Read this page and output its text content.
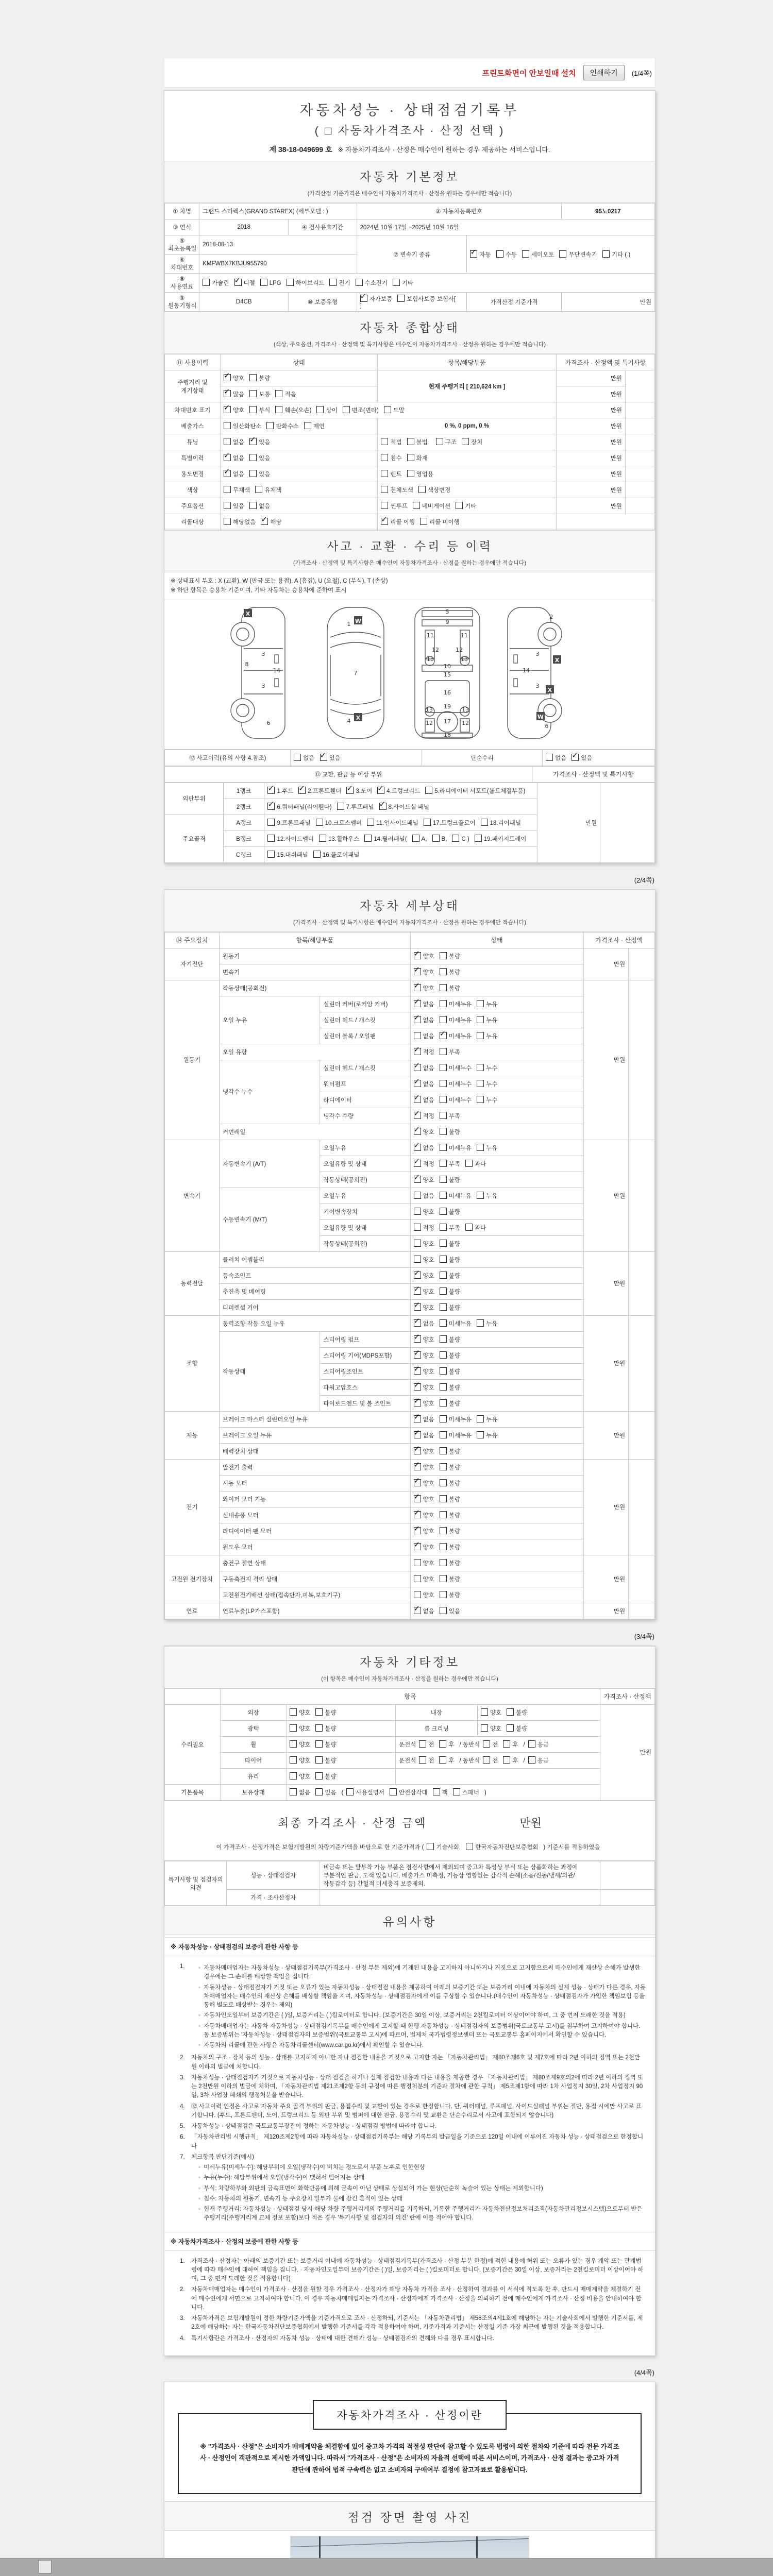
프린트화면이 안보일때 설치	인쇄하기	(1/4쪽)
자동차성능 · 상태점검기록부
( □ 자동차가격조사 · 산정 선택 )
제 38-18-049699 호 ※ 자동차가격조사 · 산정은 매수인이 원하는 경우 제공하는 서비스입니다.
자동차 기본정보
(가격산정 기준가격은 매수인이 자동차가격조사 · 산정을 원하는 경우에만 적습니다)
① 차명	그랜드 스타렉스(GRAND STAREX) (세부모델 : )		② 자동차등록번호		95노0217
③ 연식	2018	④ 검사유효기간	2024년 10월 17일 ~2025년 10월 16일		
⑤ 최초등록일	2018-08-13		⑦ 변속기 종류	✓자동 수동 세미오토 무단변속기 기타 ( )
⑥ 차대번호	KMFWBX7KBJU955790				
⑧ 사용연료	가솔린 ✓ 디젤 LPG 하이브리드 전기 수소전기 기타
⑨ 원동기형식	D4CB	⑩ 보증유형	✓자가보증 보험사보증 보험사[]	가격산정 기준가격	만원
자동차 종합상태
(색상, 주요옵션, 가격조사 · 산정액 및 특기사항은 매수인이 자동차가격조사 · 산정을 원하는 경우에만 적습니다)
⑪ 사용이력	상태	항목/해당부품	가격조사 · 산정액 및 특기사항	
주행거리 및 계기상태	✓양호 불량	현재 주행거리 [ 210,624 km ]	만원	
✓많음 보통 적음		만원	
차대번호 표기	✓양호 부식 훼손(오손) 상이 변조(변타) 도말		만원	
배출가스	일산화탄소 탄화수소 매연	0 %, 0 ppm, 0 %	만원	
튜닝	없음 ✓ 있음	적법 불법 구조 장치	만원	
특별이력	✓없음 있음	침수 화재	만원	
용도변경	✓없음 있음	렌트 영업용	만원	
색상	무채색 유채색	전체도색 색상변경	만원	
주요옵션	있음 없음	썬루프 네비게이션 기타	만원	
리콜대상	해당없음 ✓ 해당	✓리콜 이행 리콜 미이행	
사고 · 교환 · 수리 등 이력
(가격조사 · 산정액 및 특기사항은 매수인이 자동차가격조사 · 산정을 원하는 경우에만 적습니다)
※ 상태표시 부호 : X (교환), W (판금 또는 용접), A (흠집), U (요철), C (부식), T (손상)
※ 하단 항목은 승용차 기준이며, 기타 자동차는 승용차에 준하여 표시
3
8
14
3
6
1
7
4
5
9
11	11
12	12
13	13
10
15
16
19
13	13
12	12
17
18
2
3
14
3
6
X
W
X
X
X
W
⑫ 사고이력(유의 사항 4.참조)	없음 ✓ 있음	단순수리	없음 ✓ 있음
⑬ 교환, 판금 등 이상 부위	가격조사 · 산정액 및 특기사항
외판부위	1랭크	✓1.후드 ✓ 2.프론트휀더 ✓ 3.도어 ✓ 4.트렁크리드 5.라디에이터 서포트(볼트체결부품)	만원	
	2랭크	✓6.쿼터패널(리어휀다) 7.루프패널 ✓ 8.사이드실 패널
주요골격	A랭크	9.프론트패널 10.크로스멤버 11.인사이드패널 17.트렁크플로어 18.리어패널		
	B랭크	12.사이드멤버 13.휠하우스 14.필러패널( A, B, C ) 19.패키지트레이		
	C랭크	15.대쉬패널 16.플로어패널		
(2/4쪽)
자동차 세부상태
(가격조사 · 산정액 및 특기사항은 매수인이 자동차가격조사 · 산정을 원하는 경우에만 적습니다)
⑭ 주요장치	항목/해당부품		상태	가격조사 · 산정액	
자기진단	원동기	✓양호 불량	만원	
	변속기	✓양호 불량
원동기	작동상태(공회전)	✓양호 불량	만원	
	오일 누유	실린더 커버(로커암 커버)	✓없음 미세누유 누유
		실린더 헤드 / 개스킷	✓없음 미세누유 누유
		실린더 블록 / 오일팬	없음 ✓ 미세누유 누유
	오일 유량	✓적정 부족
	냉각수 누수	실린더 헤드 / 개스킷	✓없음 미세누수 누수
		워터펌프	✓없음 미세누수 누수
		라디에이터	✓없음 미세누수 누수
		냉각수 수량	✓적정 부족
	커먼레일	✓양호 불량
변속기	자동변속기 (A/T)	오일누유	✓없음 미세누유 누유	만원	
		오일유량 및 상태	✓적정 부족 과다
		작동상태(공회전)	✓양호 불량
	수동변속기 (M/T)	오일누유	없음 미세누유 누유		
		기어변속장치	양호 불량		
		오일유량 및 상태	적정 부족 과다		
		작동상태(공회전)	양호 불량		
동력전달	클러치 어셈블리		양호 불량	만원	
	등속조인트	✓양호 불량
	추진축 및 베어링	✓양호 불량
	디퍼렌셜 기어	✓양호 불량
조향	동력조향 작동 오일 누유	✓없음 미세누유 누유	만원	
	작동상태	스티어링 펌프	✓양호 불량
		스티어링 기어(MDPS포함)	✓양호 불량
		스티어링조인트	✓양호 불량
		파워고압호스	✓양호 불량
		타이로드엔드 및 볼 조인트	✓양호 불량
제동	브레이크 마스터 실린더오일 누유	✓없음 미세누유 누유	만원	
	브레이크 오일 누유	✓없음 미세누유 누유
	배력장치 상태	✓양호 불량
전기	발전기 출력	✓양호 불량	만원	
	시동 모터	✓양호 불량
	와이퍼 모터 기능	✓양호 불량
	실내송풍 모터	✓양호 불량
	라디에이터 팬 모터	✓양호 불량
	윈도우 모터	✓양호 불량
고전원 전기장치	충전구 절연 상태		양호 불량	만원	
	구동축전지 격리 상태		양호 불량		
	고전원전기배선 상태(접속단자,피복,보호기구)		양호 불량		
연료	연료누출(LP가스포함)	✓없음 있음	만원	
(3/4쪽)
자동차 기타정보
(이 항목은 매수인이 자동차가격조사 · 산정을 원하는 경우에만 적습니다)
	항목				가격조사 · 산정액
수리필요	외장	양호 불량	내장	양호 불량	만원
	광택	양호 불량	룸 크리닝	양호 불량	
	휠	양호 불량	운전석 전 후 / 동반석 전 후 / 응급		
	타이어	양호 불량	운전석 전 후 / 동반석 전 후 / 응급		
	유리	양호 불량			
기본품목	보유상태	없음 있음 ( 사용설명서 안전삼각대 잭 스패너 )			
최종 가격조사 · 산정 금액	만원
이 가격조사 · 산정가격은 보험개발원의 차량기준가액을 바탕으로 한 기준가격과 ( 기술사회, 한국자동차진단보증협회 ) 기준서를 적용하였음
특기사항 및 점검자의 의견	성능 · 상태점검자	비금속 또는 탈부착 가능 부품은 점검사항에서 제외되며 중고차 특성상 부식 또는 상품화하는 과정에 부분적인 판금, 도색 있습니다. 배출가스 미측정, 기능상 영향없는 감각적 손해(소음/진동/냄새/외관/작동감각 등) 간헐적 미세충격 보증제외.	
	가격 · 조사산정자		
유의사항
※ 자동차성능 · 상태점검의 보증에 관한 사항 등
1.	◦ 자동차매매업자는 자동차성능 · 상태점검기록부(가격조사 · 산정 부분 제외)에 기재된 내용을 고지하지 아니하거나 거짓으로 고지함으로써 매수인에게 재산상 손해가 발생한 경우에는 그 손해를 배상할 책임을 집니다.
◦ 자동차성능 · 상태점검자가 거짓 또는 오류가 있는 자동차성능 · 상태점검 내용을 제공하여 아래의 보증기간 또는 보증거리 이내에 자동차의 실제 성능 · 상태가 다른 경우, 자동차매매업자는 매수인의 재산상 손해를 배상할 책임을 지며, 자동차성능 · 상태점검자에게 이를 구상할 수 있습니다.(매수인이 자동차성능 · 상태점검자가 가입한 책임보험 등을 통해 별도로 배상받는 경우는 제외)
◦ 자동차인도일부터 보증기간은 ( )일, 보증거리는 ( )킬로미터로 합니다. (보증기간은 30일 이상, 보증거리는 2천킬로미터 이상이어야 하며, 그 중 먼저 도래한 것을 적용)
◦ 자동차매매업자는 자동차 자동차성능 · 상태점검기록부를 매수인에게 고지할 때 현행 자동차성능 · 상태점검자의 보증범위(국토교통부 고시)를 첨부하여 고지하여야 합니다. 동 보증범위는 '자동차성능 · 상태점검자의 보증범위'(국토교통부 고시)에 따르며, 법제처 국가법령정보센터 또는 국토교통부 홈페이지에서 확인할 수 있습니다.
◦ 자동차의 리콜에 관한 사항은 자동차리콜센터(www.car.go.kr)에서 확인할 수 있습니다.
2.	자동차의 구조 · 장치 등의 성능 · 상태를 고지하지 아니한 자나 점검한 내용을 거짓으로 고지한 자는 「자동차관리법」 제80조제6호 및 제7호에 따라 2년 이하의 징역 또는 2천만원 이하의 벌금에 처합니다.
3.	자동차성능 · 상태점검자가 거짓으로 자동차성능 · 상태 점검을 하거나 실제 점검한 내용과 다른 내용을 제공한 경우 「자동차관리법」 제80조제9호의2에 따라 2년 이하의 징역 또는 2천만원 이하의 벌금에 처하며, 「자동차관리법 제21조제2항 등의 규정에 따른 행정처분의 기준과 절차에 관한 규칙」 제5조제1항에 따라 1차 사업정지 30일, 2차 사업정지 90일, 3차 사업장 폐쇄의 행정처분을 받습니다.
4.	⑫ 사고이력 인정은 사고로 자동차 주요 골격 부위의 판금, 용접수리 및 교환이 있는 경우로 한정합니다. 단, 쿼터패널, 루프패널, 사이드실패널 부위는 절단, 용접 시에만 사고로 표기합니다. (후드, 프론트펜더, 도어, 트렁크리드 등 외판 부위 및 범퍼에 대한 판금, 용접수리 및 교환은 단순수리로서 사고에 포함되지 않습니다)
5.	자동차성능 · 상태점검은 국토교통부장관이 정하는 자동차성능 · 상태점검 방법에 따라야 합니다.
6.	「자동차관리법 시행규칙」 제120조제2항에 따라 자동차성능 · 상태점검기록부는 해당 기록부의 발급일을 기준으로 120일 이내에 이루어진 자동차 성능 · 상태점검으로 한정합니다
7.	체크항목 판단기준(예시)
◦ 미세누유(미세누수): 해당부위에 오일(냉각수)이 비치는 정도로서 부품 노후로 인한현상
◦ 누유(누수): 해당부위에서 오일(냉각수)이 맺혀서 떨어지는 상태
◦ 부식: 차량하부와 외판의 금속표면이 화학반응에 의해 금속이 아닌 상태로 상실되어 가는 현상(단순히 녹슬어 있는 상태는 제외합니다)
◦ 침수: 자동차의 원동기, 변속기 등 주요장치 일부가 물에 잠긴 흔적이 있는 상태
◦ 현재 주행거리: 자동차성능 · 상태점검 당시 해당 차량 주행거리계의 주행거리를 기록하되, 기록한 주행거리가 자동차전산정보처리조직(자동차관리정보시스템)으로부터 받은 주행거리(주행거리계 교체 정보 포함)보다 적은 경우 '특기사항 및 점검자의 의견' 란에 이를 적어야 합니다.
※ 자동차가격조사 · 산정의 보증에 관한 사항 등
1.	가격조사 · 산정자는 아래의 보증기간 또는 보증거리 이내에 자동차성능 · 상태점검기록부(가격조사 · 산정 부분 한정)에 적힌 내용에 허위 또는 오류가 있는 경우 계약 또는 관계법령에 따라 매수인에 대하여 책임을 집니다. · 자동차인도일부터 보증기간은 ( )일, 보증거리는 ( )킬로미터로 합니다. (보증기간은 30일 이상, 보증거리는 2천킬로미터 이상이어야 하며, 그 중 먼저 도래한 것을 적용합니다)
2.	자동차매매업자는 매수인이 가격조사 · 산정을 원할 경우 가격조사 · 산정자가 해당 자동차 가격을 조사 · 산정하여 결과를 이 서식에 적도록 한 후, 반드시 매매계약을 체결하기 전에 매수인에게 서면으로 고지하여야 합니다. 이 경우 자동차매매업자는 가격조사 · 산정자에게 가격조사 · 산정을 의뢰하기 전에 매수인에게 가격조사 · 산정 비용을 안내하여야 합니다.
3.	자동차가격은 보험개발원이 정한 차량기준가액을 기준가격으로 조사 · 산정하되, 기준서는 「자동차관리법」 제58조의4제1호에 해당하는 자는 기술사회에서 발행한 기준서를, 제2호에 해당하는 자는 한국자동차진단보증협회에서 발행한 기준서를 각각 적용하여야 하며, 기준가격과 기준서는 산정일 기준 가장 최근에 발행된 것을 적용합니다.
4.	특기사항란은 가격조사 · 산정자의 자동차 성능 · 상태에 대한 견해가 성능 · 상태점검자의 견해와 다를 경우 표시합니다.
(4/4쪽)
자동차가격조사 · 산정이란
※ "가격조사 · 산정"은 소비자가 매매계약을 체결함에 있어 중고차 가격의 적절성 판단에 참고할 수 있도록 법령에 의한 절차와 기준에 따라 전문 가격조사 · 산정인이 객관적으로 제시한 가액입니다. 따라서 "가격조사 · 산정"은 소비자의 자율적 선택에 따른 서비스이며, 가격조사 · 산정 결과는 중고차 가격판단에 관하여 법적 구속력은 없고 소비자의 구매여부 결정에 참고자료로 활용됩니다.
점검 장면 촬영 사진
